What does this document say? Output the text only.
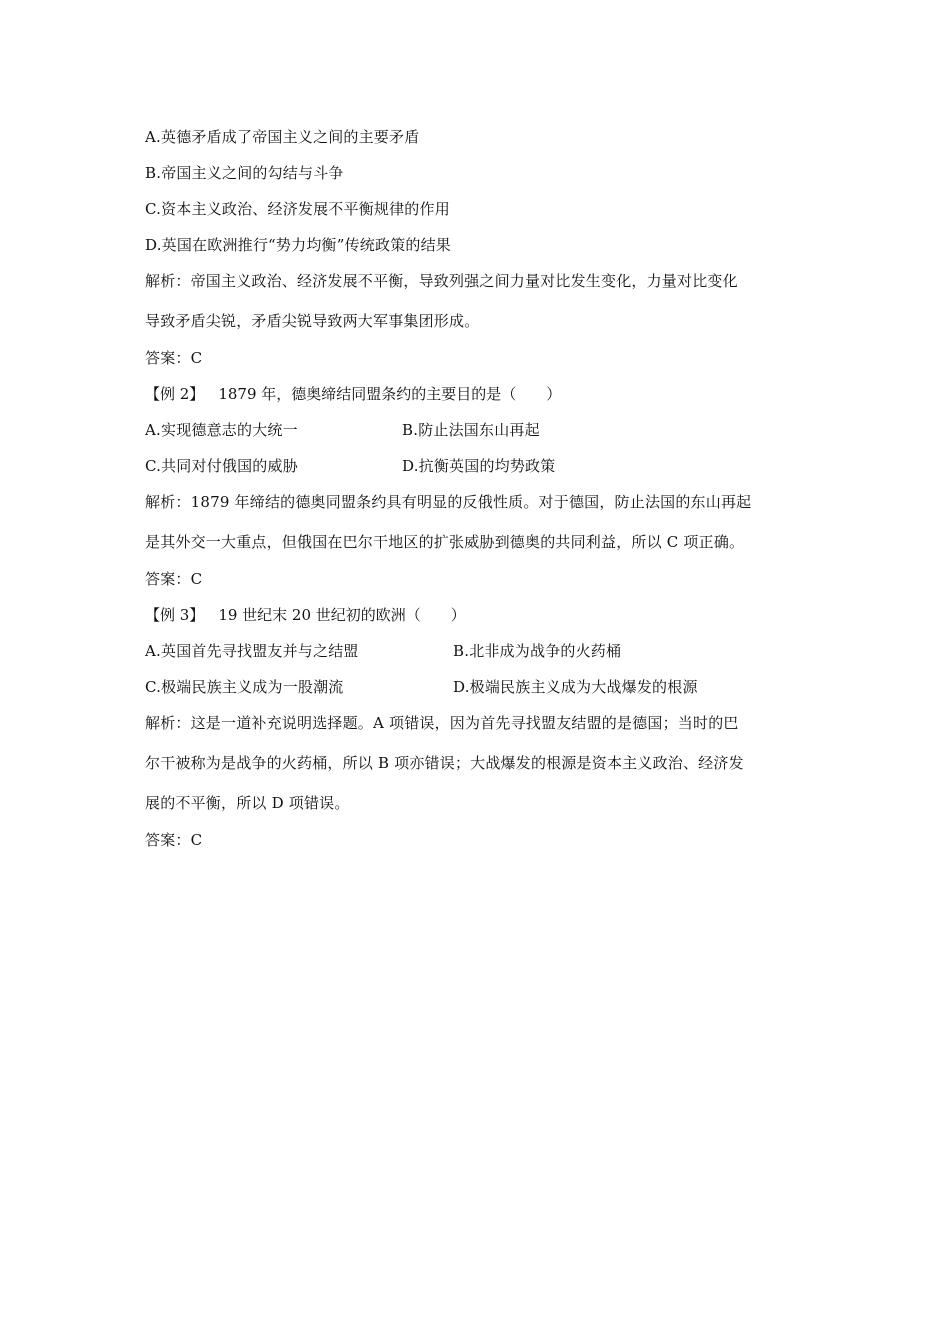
A.英德矛盾成了帝国主义之间的主要矛盾
B.帝国主义之间的勾结与斗争
C.资本主义政治、经济发展不平衡规律的作用
D.英国在欧洲推行“势力均衡”传统政策的结果
解析：帝国主义政治、经济发展不平衡，导致列强之间力量对比发生变化，力量对比变化
导致矛盾尖锐，矛盾尖锐导致两大军事集团形成。
答案：C
【例 2】 1879 年，德奥缔结同盟条约的主要目的是（　　）
A.实现德意志的大统一	B.防止法国东山再起
C.共同对付俄国的威胁	D.抗衡英国的均势政策
解析：1879 年缔结的德奥同盟条约具有明显的反俄性质。对于德国，防止法国的东山再起
是其外交一大重点，但俄国在巴尔干地区的扩张威胁到德奥的共同利益，所以 C 项正确。
答案：C
【例 3】 19 世纪末 20 世纪初的欧洲（　　）
A.英国首先寻找盟友并与之结盟	B.北非成为战争的火药桶
C.极端民族主义成为一股潮流	D.极端民族主义成为大战爆发的根源
解析：这是一道补充说明选择题。A 项错误，因为首先寻找盟友结盟的是德国；当时的巴
尔干被称为是战争的火药桶，所以 B 项亦错误；大战爆发的根源是资本主义政治、经济发
展的不平衡，所以 D 项错误。
答案：C
